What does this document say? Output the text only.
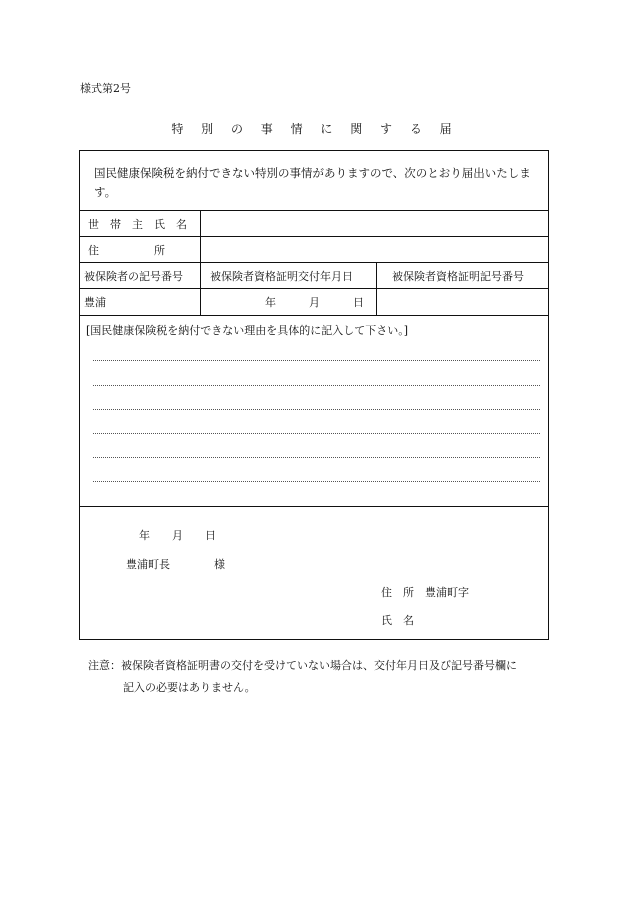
様式第2号
特 別 の 事 情 に 関 す る 届
国民健康保険税を納付できない特別の事情がありますので、次のとおり届出いたします。
世　帯　主　氏　名
住　　　　　所
被保険者の記号番号 被保険者資格証明交付年月日	被保険者資格証明記号番号
豊浦	年　　　月　　　日
[国民健康保険税を納付できない理由を具体的に記入して下さい。]
年　　月　　日
豊浦町長　　　　様
住　所　豊浦町字
氏　名
注意：被保険者資格証明書の交付を受けていない場合は、交付年月日及び記号番号欄に
記入の必要はありません。
